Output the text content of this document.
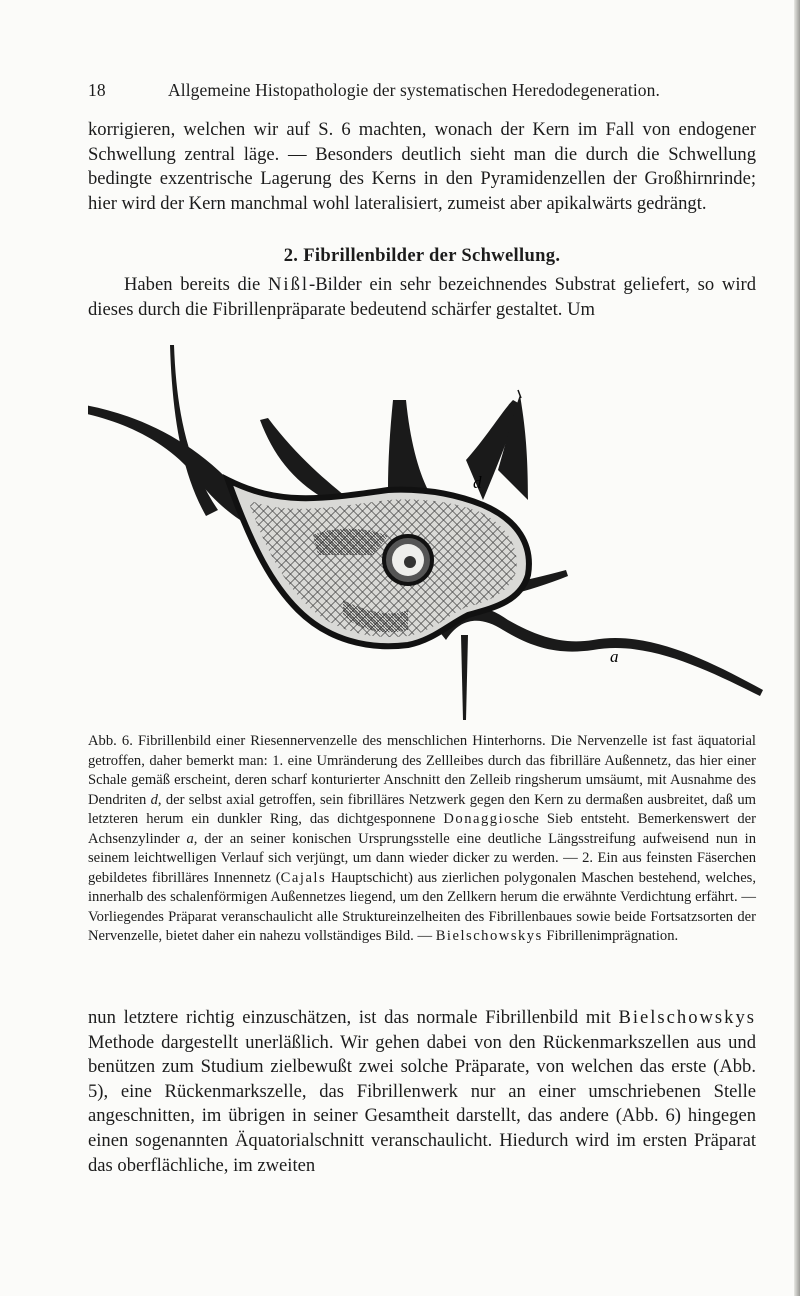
18	Allgemeine Histopathologie der systematischen Heredodegeneration.

korrigieren, welchen wir auf S. 6 machten, wonach der Kern im Fall von endogener Schwellung zentral läge. — Besonders deutlich sieht man die durch die Schwellung bedingte exzentrische Lagerung des Kerns in den Pyramidenzellen der Großhirnrinde; hier wird der Kern manchmal wohl lateralisiert, zumeist aber apikalwärts gedrängt.

2. Fibrillenbilder der Schwellung.

Haben bereits die Nißl-Bilder ein sehr bezeichnendes Substrat geliefert, so wird dieses durch die Fibrillenpräparate bedeutend schärfer gestaltet. Um

d
a

Abb. 6. Fibrillenbild einer Riesennervenzelle des menschlichen Hinterhorns. Die Nervenzelle ist fast äquatorial getroffen, daher bemerkt man: 1. eine Umränderung des Zellleibes durch das fibrilläre Außennetz, das hier einer Schale gemäß erscheint, deren scharf konturierter Anschnitt den Zelleib ringsherum umsäumt, mit Ausnahme des Dendriten d, der selbst axial getroffen, sein fibrilläres Netzwerk gegen den Kern zu dermaßen ausbreitet, daß um letzteren herum ein dunkler Ring, das dichtgesponnene Donaggiosche Sieb entsteht. Bemerkenswert der Achsenzylinder a, der an seiner konischen Ursprungsstelle eine deutliche Längsstreifung aufweisend nun in seinem leichtwelligen Verlauf sich verjüngt, um dann wieder dicker zu werden. — 2. Ein aus feinsten Fäserchen gebildetes fibrilläres Innennetz (Cajals Hauptschicht) aus zierlichen polygonalen Maschen bestehend, welches, innerhalb des schalenförmigen Außennetzes liegend, um den Zellkern herum die erwähnte Verdichtung erfährt. — Vorliegendes Präparat veranschaulicht alle Struktureinzelheiten des Fibrillenbaues sowie beide Fortsatzsorten der Nervenzelle, bietet daher ein nahezu vollständiges Bild. — Bielschowskys Fibrillenimprägnation.

nun letztere richtig einzuschätzen, ist das normale Fibrillenbild mit Bielschowskys Methode dargestellt unerläßlich. Wir gehen dabei von den Rückenmarkszellen aus und benützen zum Studium zielbewußt zwei solche Präparate, von welchen das erste (Abb. 5), eine Rückenmarkszelle, das Fibrillenwerk nur an einer umschriebenen Stelle angeschnitten, im übrigen in seiner Gesamtheit darstellt, das andere (Abb. 6) hingegen einen sogenannten Äquatorialschnitt veranschaulicht. Hiedurch wird im ersten Präparat das oberflächliche, im zweiten
